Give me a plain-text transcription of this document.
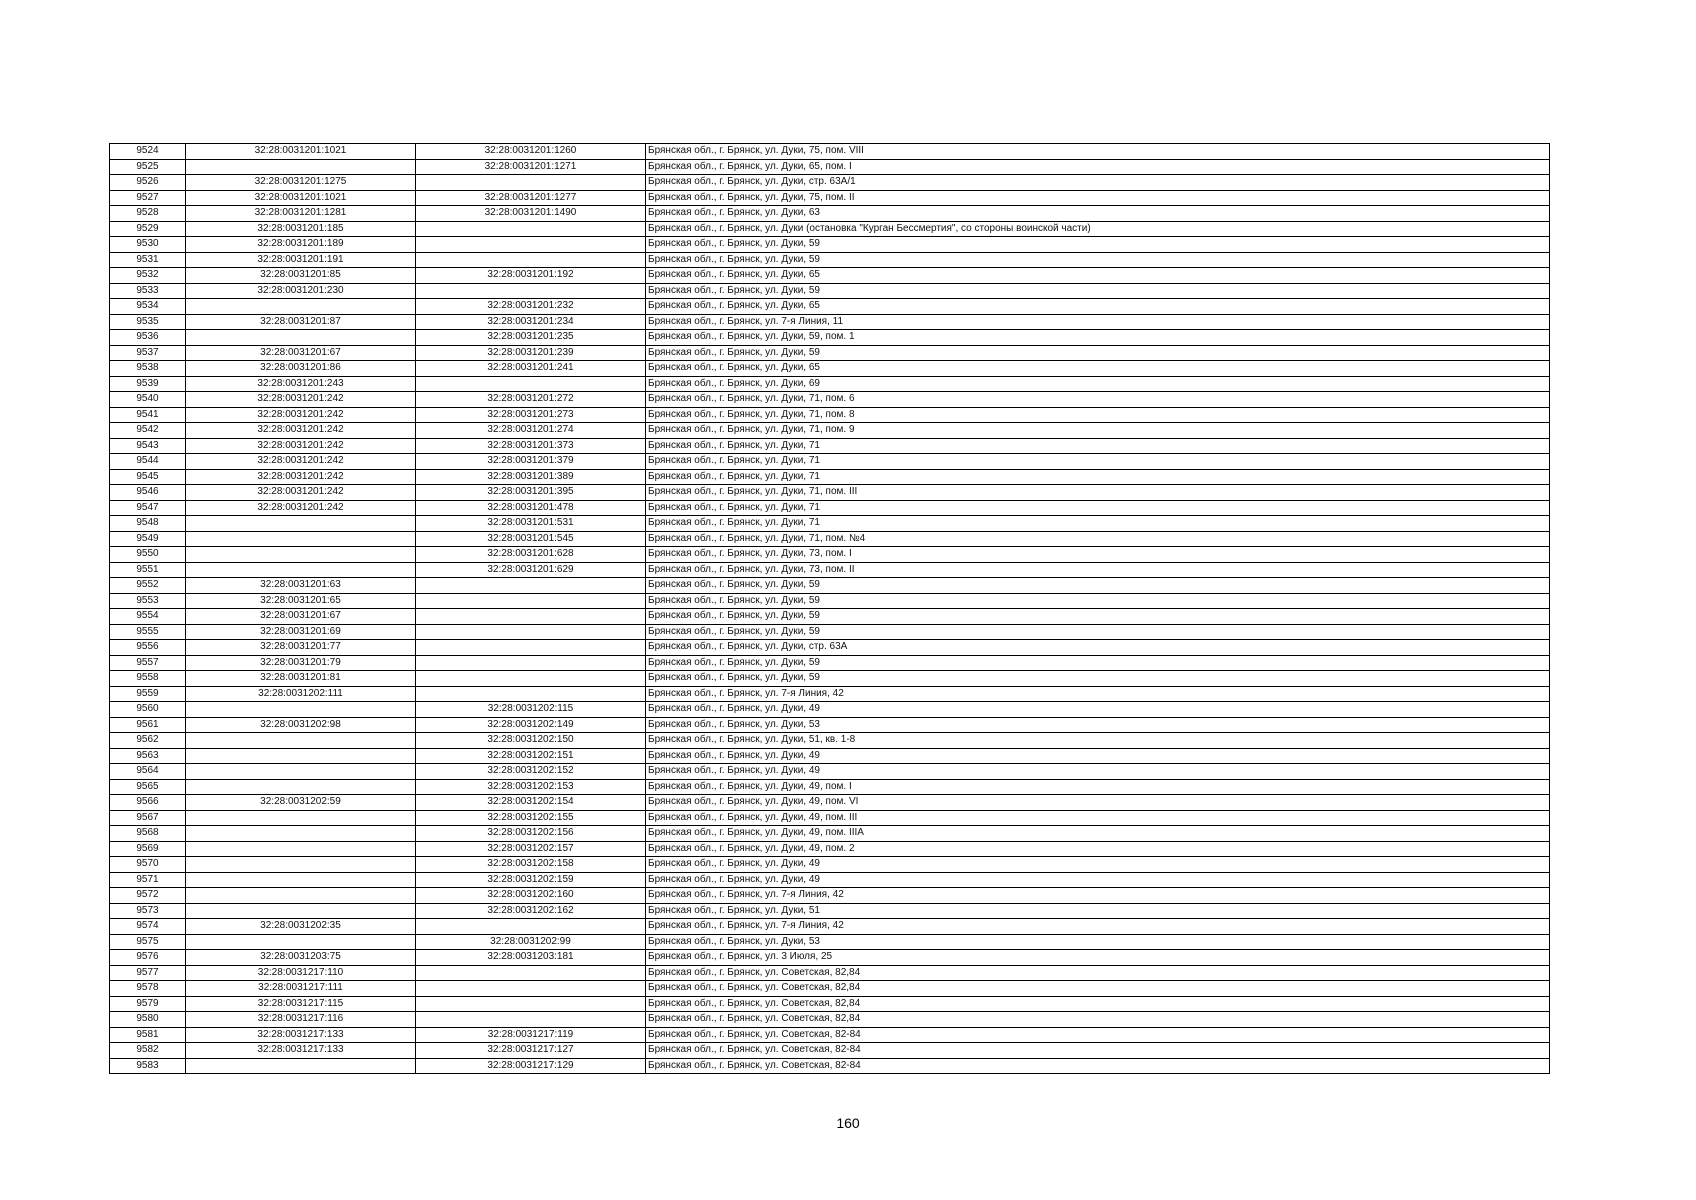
9524	32:28:0031201:1021	32:28:0031201:1260	Брянская обл., г. Брянск, ул. Дуки, 75, пом. VIII
9525		32:28:0031201:1271	Брянская обл., г. Брянск, ул. Дуки, 65, пом. I
9526	32:28:0031201:1275		Брянская обл., г. Брянск, ул. Дуки, стр. 63А/1
9527	32:28:0031201:1021	32:28:0031201:1277	Брянская обл., г. Брянск, ул. Дуки, 75, пом. II
9528	32:28:0031201:1281	32:28:0031201:1490	Брянская обл., г. Брянск, ул. Дуки, 63
9529	32:28:0031201:185		Брянская обл., г. Брянск, ул. Дуки (остановка "Курган Бессмертия", со стороны воинской части)
9530	32:28:0031201:189		Брянская обл., г. Брянск, ул. Дуки, 59
9531	32:28:0031201:191		Брянская обл., г. Брянск, ул. Дуки, 59
9532	32:28:0031201:85	32:28:0031201:192	Брянская обл., г. Брянск, ул. Дуки, 65
9533	32:28:0031201:230		Брянская обл., г. Брянск, ул. Дуки, 59
9534		32:28:0031201:232	Брянская обл., г. Брянск, ул. Дуки, 65
9535	32:28:0031201:87	32:28:0031201:234	Брянская обл., г. Брянск, ул. 7-я Линия, 11
9536		32:28:0031201:235	Брянская обл., г. Брянск, ул. Дуки, 59, пом. 1
9537	32:28:0031201:67	32:28:0031201:239	Брянская обл., г. Брянск, ул. Дуки, 59
9538	32:28:0031201:86	32:28:0031201:241	Брянская обл., г. Брянск, ул. Дуки, 65
9539	32:28:0031201:243		Брянская обл., г. Брянск, ул. Дуки, 69
9540	32:28:0031201:242	32:28:0031201:272	Брянская обл., г. Брянск, ул. Дуки, 71, пом. 6
9541	32:28:0031201:242	32:28:0031201:273	Брянская обл., г. Брянск, ул. Дуки, 71, пом. 8
9542	32:28:0031201:242	32:28:0031201:274	Брянская обл., г. Брянск, ул. Дуки, 71, пом. 9
9543	32:28:0031201:242	32:28:0031201:373	Брянская обл., г. Брянск, ул. Дуки, 71
9544	32:28:0031201:242	32:28:0031201:379	Брянская обл., г. Брянск, ул. Дуки, 71
9545	32:28:0031201:242	32:28:0031201:389	Брянская обл., г. Брянск, ул. Дуки, 71
9546	32:28:0031201:242	32:28:0031201:395	Брянская обл., г. Брянск, ул. Дуки, 71, пом. III
9547	32:28:0031201:242	32:28:0031201:478	Брянская обл., г. Брянск, ул. Дуки, 71
9548		32:28:0031201:531	Брянская обл., г. Брянск, ул. Дуки, 71
9549		32:28:0031201:545	Брянская обл., г. Брянск, ул. Дуки, 71, пом. №4
9550		32:28:0031201:628	Брянская обл., г. Брянск, ул. Дуки, 73, пом. I
9551		32:28:0031201:629	Брянская обл., г. Брянск, ул. Дуки, 73, пом. II
9552	32:28:0031201:63		Брянская обл., г. Брянск, ул. Дуки, 59
9553	32:28:0031201:65		Брянская обл., г. Брянск, ул. Дуки, 59
9554	32:28:0031201:67		Брянская обл., г. Брянск, ул. Дуки, 59
9555	32:28:0031201:69		Брянская обл., г. Брянск, ул. Дуки, 59
9556	32:28:0031201:77		Брянская обл., г. Брянск, ул. Дуки, стр. 63А
9557	32:28:0031201:79		Брянская обл., г. Брянск, ул. Дуки, 59
9558	32:28:0031201:81		Брянская обл., г. Брянск, ул. Дуки, 59
9559	32:28:0031202:111		Брянская обл., г. Брянск, ул. 7-я Линия, 42
9560		32:28:0031202:115	Брянская обл., г. Брянск, ул. Дуки, 49
9561	32:28:0031202:98	32:28:0031202:149	Брянская обл., г. Брянск, ул. Дуки, 53
9562		32:28:0031202:150	Брянская обл., г. Брянск, ул. Дуки, 51, кв. 1-8
9563		32:28:0031202:151	Брянская обл., г. Брянск, ул. Дуки, 49
9564		32:28:0031202:152	Брянская обл., г. Брянск, ул. Дуки, 49
9565		32:28:0031202:153	Брянская обл., г. Брянск, ул. Дуки, 49, пом. I
9566	32:28:0031202:59	32:28:0031202:154	Брянская обл., г. Брянск, ул. Дуки, 49, пом. VI
9567		32:28:0031202:155	Брянская обл., г. Брянск, ул. Дуки, 49, пом. III
9568		32:28:0031202:156	Брянская обл., г. Брянск, ул. Дуки, 49, пом. IIIА
9569		32:28:0031202:157	Брянская обл., г. Брянск, ул. Дуки, 49, пом. 2
9570		32:28:0031202:158	Брянская обл., г. Брянск, ул. Дуки, 49
9571		32:28:0031202:159	Брянская обл., г. Брянск, ул. Дуки, 49
9572		32:28:0031202:160	Брянская обл., г. Брянск, ул. 7-я Линия, 42
9573		32:28:0031202:162	Брянская обл., г. Брянск, ул. Дуки, 51
9574	32:28:0031202:35		Брянская обл., г. Брянск, ул. 7-я Линия, 42
9575		32:28:0031202:99	Брянская обл., г. Брянск, ул. Дуки, 53
9576	32:28:0031203:75	32:28:0031203:181	Брянская обл., г. Брянск, ул. 3 Июля, 25
9577	32:28:0031217:110		Брянская обл., г. Брянск, ул. Советская, 82,84
9578	32:28:0031217:111		Брянская обл., г. Брянск, ул. Советская, 82,84
9579	32:28:0031217:115		Брянская обл., г. Брянск, ул. Советская, 82,84
9580	32:28:0031217:116		Брянская обл., г. Брянск, ул. Советская, 82,84
9581	32:28:0031217:133	32:28:0031217:119	Брянская обл., г. Брянск, ул. Советская, 82-84
9582	32:28:0031217:133	32:28:0031217:127	Брянская обл., г. Брянск, ул. Советская, 82-84
9583		32:28:0031217:129	Брянская обл., г. Брянск, ул. Советская, 82-84
160
